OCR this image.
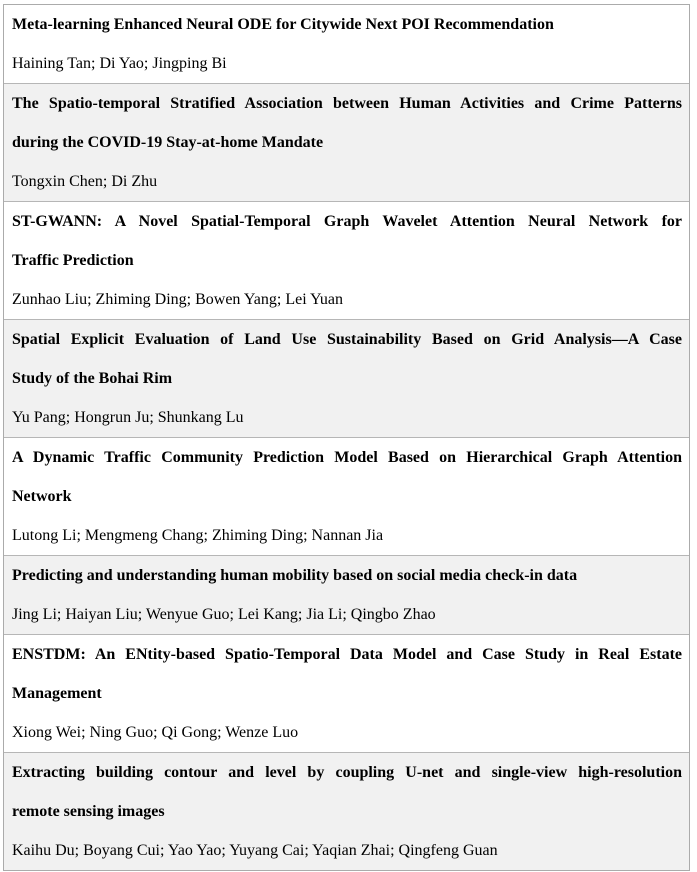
Meta-learning Enhanced Neural ODE for Citywide Next POI Recommendation
Haining Tan; Di Yao; Jingping Bi
The Spatio-temporal Stratified Association between Human Activities and Crime Patterns
during the COVID-19 Stay-at-home Mandate
Tongxin Chen; Di Zhu
ST-GWANN: A Novel Spatial-Temporal Graph Wavelet Attention Neural Network for
Traffic Prediction
Zunhao Liu; Zhiming Ding; Bowen Yang; Lei Yuan
Spatial Explicit Evaluation of Land Use Sustainability Based on Grid Analysis—A Case
Study of the Bohai Rim
Yu Pang; Hongrun Ju; Shunkang Lu
A Dynamic Traffic Community Prediction Model Based on Hierarchical Graph Attention
Network
Lutong Li; Mengmeng Chang; Zhiming Ding; Nannan Jia
Predicting and understanding human mobility based on social media check-in data
Jing Li; Haiyan Liu; Wenyue Guo; Lei Kang; Jia Li; Qingbo Zhao
ENSTDM: An ENtity-based Spatio-Temporal Data Model and Case Study in Real Estate
Management
Xiong Wei; Ning Guo; Qi Gong; Wenze Luo
Extracting building contour and level by coupling U-net and single-view high-resolution
remote sensing images
Kaihu Du; Boyang Cui; Yao Yao; Yuyang Cai; Yaqian Zhai; Qingfeng Guan
